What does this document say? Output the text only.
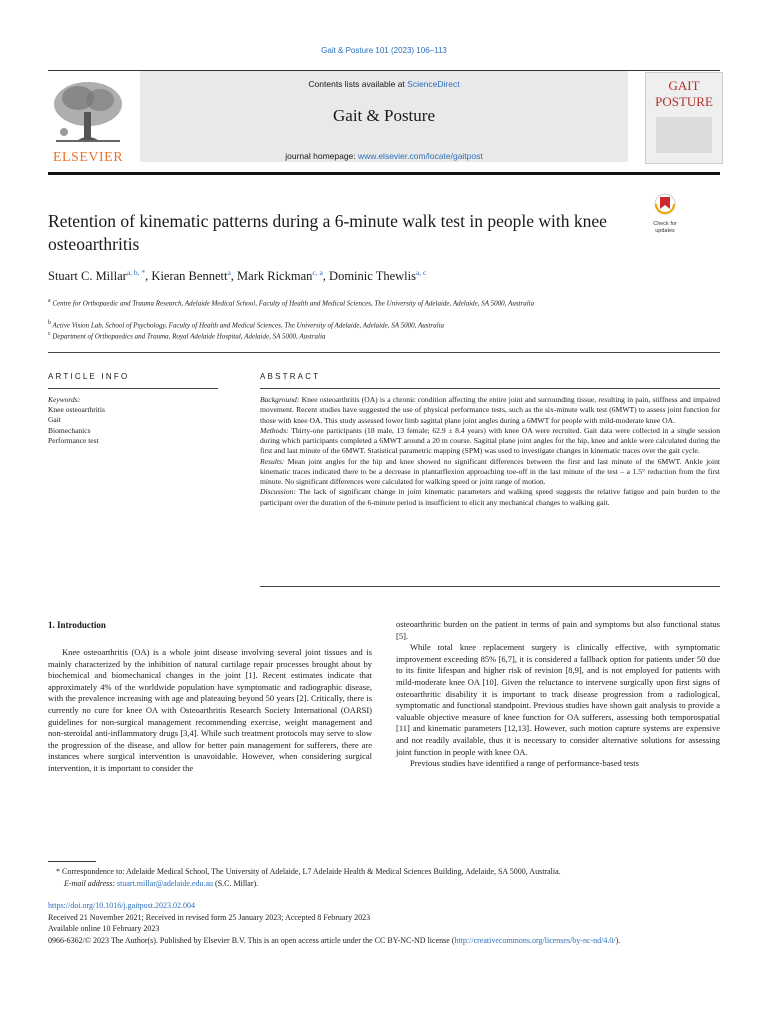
Gait & Posture 101 (2023) 106–113
ELSEVIER
Contents lists available at ScienceDirect
Gait & Posture
journal homepage: www.elsevier.com/locate/gaitpost
GAIT
POSTURE
Retention of kinematic patterns during a 6-minute walk test in people with knee osteoarthritis
Check for
updates
Stuart C. Millar$^{a, b, *}$, Kieran Bennett$^a$, Mark Rickman$^{c, a}$, Dominic Thewlis$^{a, c}$
$^a$ Centre for Orthopaedic and Trauma Research, Adelaide Medical School, Faculty of Health and Medical Sciences, The University of Adelaide, Adelaide, SA 5000, Australia
$^b$ Active Vision Lab, School of Psychology, Faculty of Health and Medical Sciences, The University of Adelaide, Adelaide, SA 5000, Australia
$^c$ Department of Orthopaedics and Trauma, Royal Adelaide Hospital, Adelaide, SA 5000, Australia
ARTICLE INFO	ABSTRACT
Keywords:
Knee osteoarthritis
Gait
Biomechanics
Performance test

Background: Knee osteoarthritis (OA) is a chronic condition affecting the entire joint and surrounding tissue, resulting in pain, stiffness and impaired movement. Recent studies have suggested the use of physical performance tests, such as the six-minute walk test (6MWT) to assess joint function for those with knee OA. This study assessed lower limb sagittal plane joint angles during a 6MWT for people with mild-moderate knee OA.

Methods: Thirty-one participants (18 male, 13 female; 62.9 ± 8.4 years) with knee OA were recruited. Gait data were collected in a single session during which participants completed a 6MWT around a 20 m course. Sagittal plane joint angles for the hip, knee and ankle were calculated during the first and last minute of the 6MWT. Statistical parametric mapping (SPM) was used to investigate changes in kinematic traces over the gait cycle.

Results: Mean joint angles for the hip and knee showed no significant differences between the first and last minute of the 6MWT. Ankle joint kinematic traces indicated there to be a decrease in plantarflexion approaching toe-off in the last minute of the test – a 1.5° reduction from the first minute. No significant differences were calculated for walking speed or joint range of motion.

Discussion: The lack of significant change in joint kinematic parameters and walking speed suggests the relative fatigue and pain burden to the participant over the duration of the 6-minute period is insufficient to elicit any mechanical changes to walking gait.

1. Introduction

Knee osteoarthritis (OA) is a whole joint disease involving several joint tissues and is mainly characterized by the inhibition of natural cartilage repair processes brought about by biochemical and biomechanical changes in the joint [1]. Recent estimates indicate that approximately 4% of the worldwide population have symptomatic and radiographic disease, with the prevalence increasing with age and plateauing beyond 50 years [2]. Critically, there is currently no cure for knee OA with Osteoarthritis Research Society International (OARSI) guidelines for non-surgical management recommending exercise, weight management and non-steroidal anti-inflammatory drugs [3,4]. While such treatment protocols may serve to slow the progression of the disease, and allow for better pain management for sufferers, there are instances where surgical intervention is unavoidable. However, when considering surgical intervention, it is important to consider the

osteoarthritic burden on the patient in terms of pain and symptoms but also functional status [5].

While total knee replacement surgery is clinically effective, with symptomatic improvement exceeding 85% [6,7], it is considered a fallback option for patients under 50 due to its finite lifespan and higher risk of revision [8,9], and is not employed for patients with mild-moderate knee OA [10]. Given the reluctance to intervene surgically upon first signs of osteoarthritic disability it is important to track disease progression from a radiological, symptomatic and functional standpoint. Previous studies have shown gait analysis to provide a valuable objective measure of knee function for OA sufferers, assessing both temporospatial [11] and kinematic parameters [12,13]. However, such motion capture systems are expensive and not readily available, thus it is necessary to consider alternative solutions for assessing joint function in people with knee OA.

Previous studies have identified a range of performance-based tests

* Correspondence to: Adelaide Medical School, The University of Adelaide, L7 Adelaide Health & Medical Sciences Building, Adelaide, SA 5000, Australia.
E-mail address: stuart.millar@adelaide.edu.au (S.C. Millar).
https://doi.org/10.1016/j.gaitpost.2023.02.004
Received 21 November 2021; Received in revised form 25 January 2023; Accepted 8 February 2023
Available online 10 February 2023
0966-6362/© 2023 The Author(s). Published by Elsevier B.V. This is an open access article under the CC BY-NC-ND license (http://creativecommons.org/licenses/by-nc-nd/4.0/).
